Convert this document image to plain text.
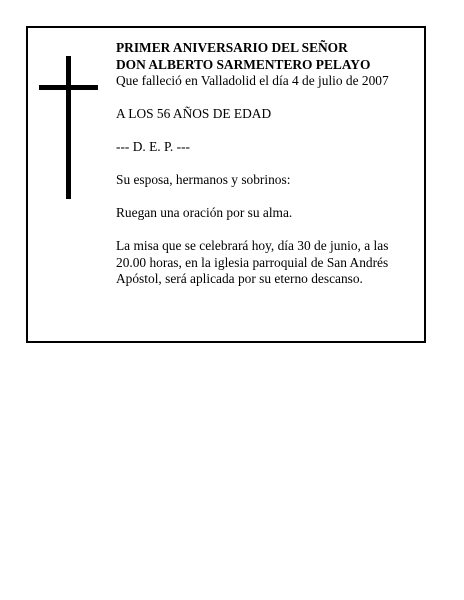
PRIMER ANIVERSARIO DEL SEÑOR

DON ALBERTO SARMENTERO PELAYO

Que falleció en Valladolid el día 4 de julio de 2007

A LOS 56 AÑOS DE EDAD

--- D. E. P. ---

Su esposa, hermanos y sobrinos:

Ruegan una oración por su alma.

La misa que se celebrará hoy, día 30 de junio, a las

20.00 horas, en la iglesia parroquial de San Andrés

Apóstol, será aplicada por su eterno descanso.
